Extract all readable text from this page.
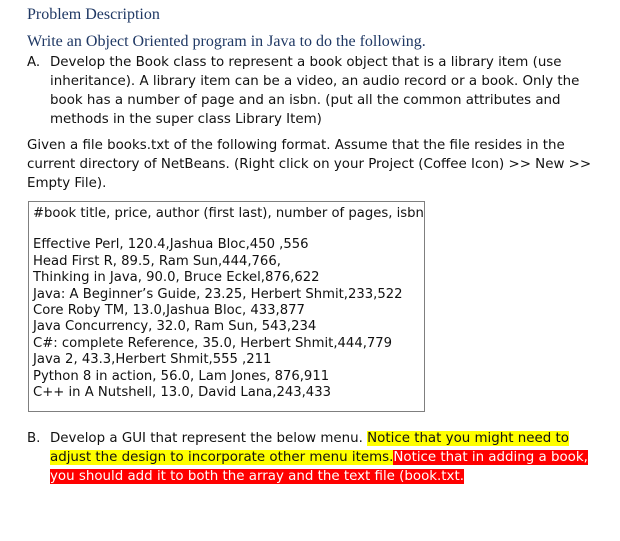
Problem Description
Write an Object Oriented program in Java to do the following.
A. Develop the Book class to represent a book object that is a library item (use inheritance). A library item can be a video, an audio record or a book. Only the book has a number of page and an isbn. (put all the common attributes and methods in the super class Library Item)
Given a file books.txt of the following format. Assume that the file resides in the current directory of NetBeans. (Right click on your Project (Coffee Icon) >> New >> Empty File).
#book title, price, author (first last), number of pages, isbn
Effective Perl, 120.4,Jashua Bloc,450 ,556
Head First R, 89.5, Ram Sun,444,766,
Thinking in Java, 90.0, Bruce Eckel,876,622
Java: A Beginner’s Guide, 23.25, Herbert Shmit,233,522
Core Roby TM, 13.0,Jashua Bloc, 433,877
Java Concurrency, 32.0, Ram Sun, 543,234
C#: complete Reference, 35.0, Herbert Shmit,444,779
Java 2, 43.3,Herbert Shmit,555 ,211
Python 8 in action, 56.0, Lam Jones, 876,911
C++ in A Nutshell, 13.0, David Lana,243,433
B. Develop a GUI that represent the below menu. Notice that you might need to adjust the design to incorporate other menu items.Notice that in adding a book, you should add it to both the array and the text file (book.txt.
